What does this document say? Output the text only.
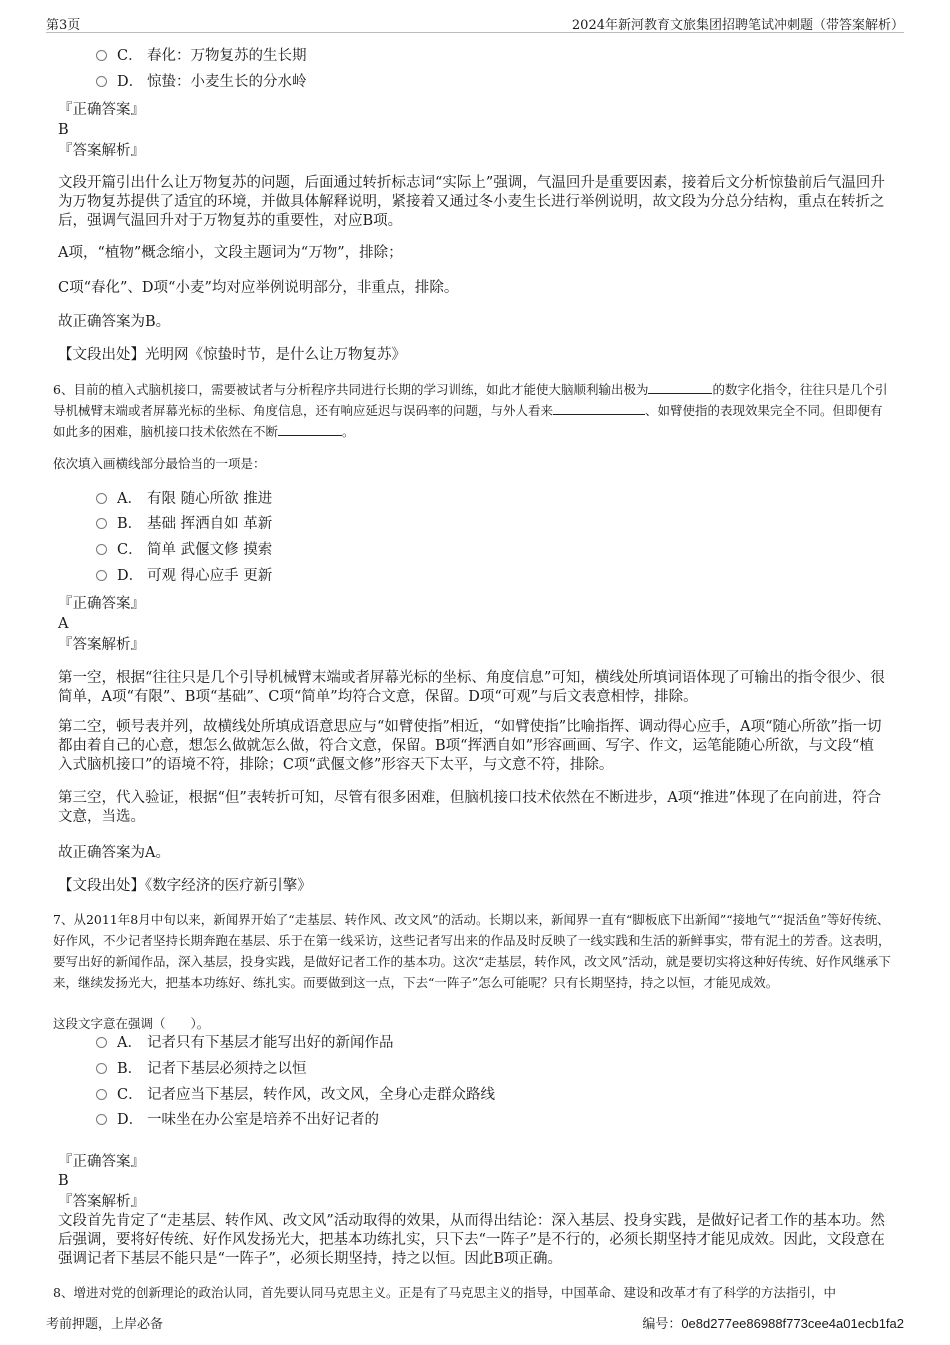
第3页	2024年新河教育文旅集团招聘笔试冲刺题（带答案解析）
C． 春化：万物复苏的生长期
D． 惊蛰：小麦生长的分水岭
『正确答案』
B
『答案解析』
文段开篇引出什么让万物复苏的问题，后面通过转折标志词“实际上”强调，气温回升是重要因素，接着后文分析惊蛰前后气温回升为万物复苏提供了适宜的环境，并做具体解释说明，紧接着又通过冬小麦生长进行举例说明，故文段为分总分结构，重点在转折之后，强调气温回升对于万物复苏的重要性，对应B项。
A项，“植物”概念缩小，文段主题词为“万物”，排除；
C项“春化”、D项“小麦”均对应举例说明部分，非重点，排除。
故正确答案为B。
【文段出处】光明网《惊蛰时节，是什么让万物复苏》
6、目前的植入式脑机接口，需要被试者与分析程序共同进行长期的学习训练，如此才能使大脑顺利输出极为	的数字化指令，往往只是几个引导机械臂末端或者屏幕光标的坐标、角度信息，还有响应延迟与误码率的问题，与外人看来	、如臂使指的表现效果完全不同。但即便有如此多的困难，脑机接口技术依然在不断	。
依次填入画横线部分最恰当的一项是：
A． 有限 随心所欲 推进
B． 基础 挥洒自如 革新
C． 简单 武偃文修 摸索
D． 可观 得心应手 更新
『正确答案』
A
『答案解析』
第一空，根据“往往只是几个引导机械臂末端或者屏幕光标的坐标、角度信息”可知，横线处所填词语体现了可输出的指令很少、很简单，A项“有限”、B项“基础”、C项“简单”均符合文意，保留。D项“可观”与后文表意相悖，排除。
第二空，顿号表并列，故横线处所填成语意思应与“如臂使指”相近，“如臂使指”比喻指挥、调动得心应手，A项“随心所欲”指一切都由着自己的心意，想怎么做就怎么做，符合文意，保留。B项“挥洒自如”形容画画、写字、作文，运笔能随心所欲，与文段“植入式脑机接口”的语境不符，排除；C项“武偃文修”形容天下太平，与文意不符，排除。
第三空，代入验证，根据“但”表转折可知，尽管有很多困难，但脑机接口技术依然在不断进步，A项“推进”体现了在向前进，符合文意，当选。
故正确答案为A。
【文段出处】《数字经济的医疗新引擎》
7、从2011年8月中旬以来，新闻界开始了“走基层、转作风、改文风”的活动。长期以来，新闻界一直有“脚板底下出新闻”“接地气”“捉活鱼”等好传统、好作风，不少记者坚持长期奔跑在基层、乐于在第一线采访，这些记者写出来的作品及时反映了一线实践和生活的新鲜事实，带有泥土的芳香。这表明，要写出好的新闻作品，深入基层，投身实践，是做好记者工作的基本功。这次“走基层，转作风，改文风”活动，就是要切实将这种好传统、好作风继承下来，继续发扬光大，把基本功练好、练扎实。而要做到这一点，下去“一阵子”怎么可能呢？只有长期坚持，持之以恒，才能见成效。
这段文字意在强调（　　）。
A． 记者只有下基层才能写出好的新闻作品
B． 记者下基层必须持之以恒
C． 记者应当下基层，转作风，改文风，全身心走群众路线
D． 一味坐在办公室是培养不出好记者的
『正确答案』
B
『答案解析』
文段首先肯定了“走基层、转作风、改文风”活动取得的效果，从而得出结论：深入基层、投身实践，是做好记者工作的基本功。然后强调，要将好传统、好作风发扬光大，把基本功练扎实，只下去“一阵子”是不行的，必须长期坚持才能见成效。因此，文段意在强调记者下基层不能只是“一阵子”，必须长期坚持，持之以恒。因此B项正确。
8、增进对党的创新理论的政治认同，首先要认同马克思主义。正是有了马克思主义的指导，中国革命、建设和改革才有了科学的方法指引，中
考前押题，上岸必备	编号：0e8d277ee86988f773cee4a01ecb1fa2
